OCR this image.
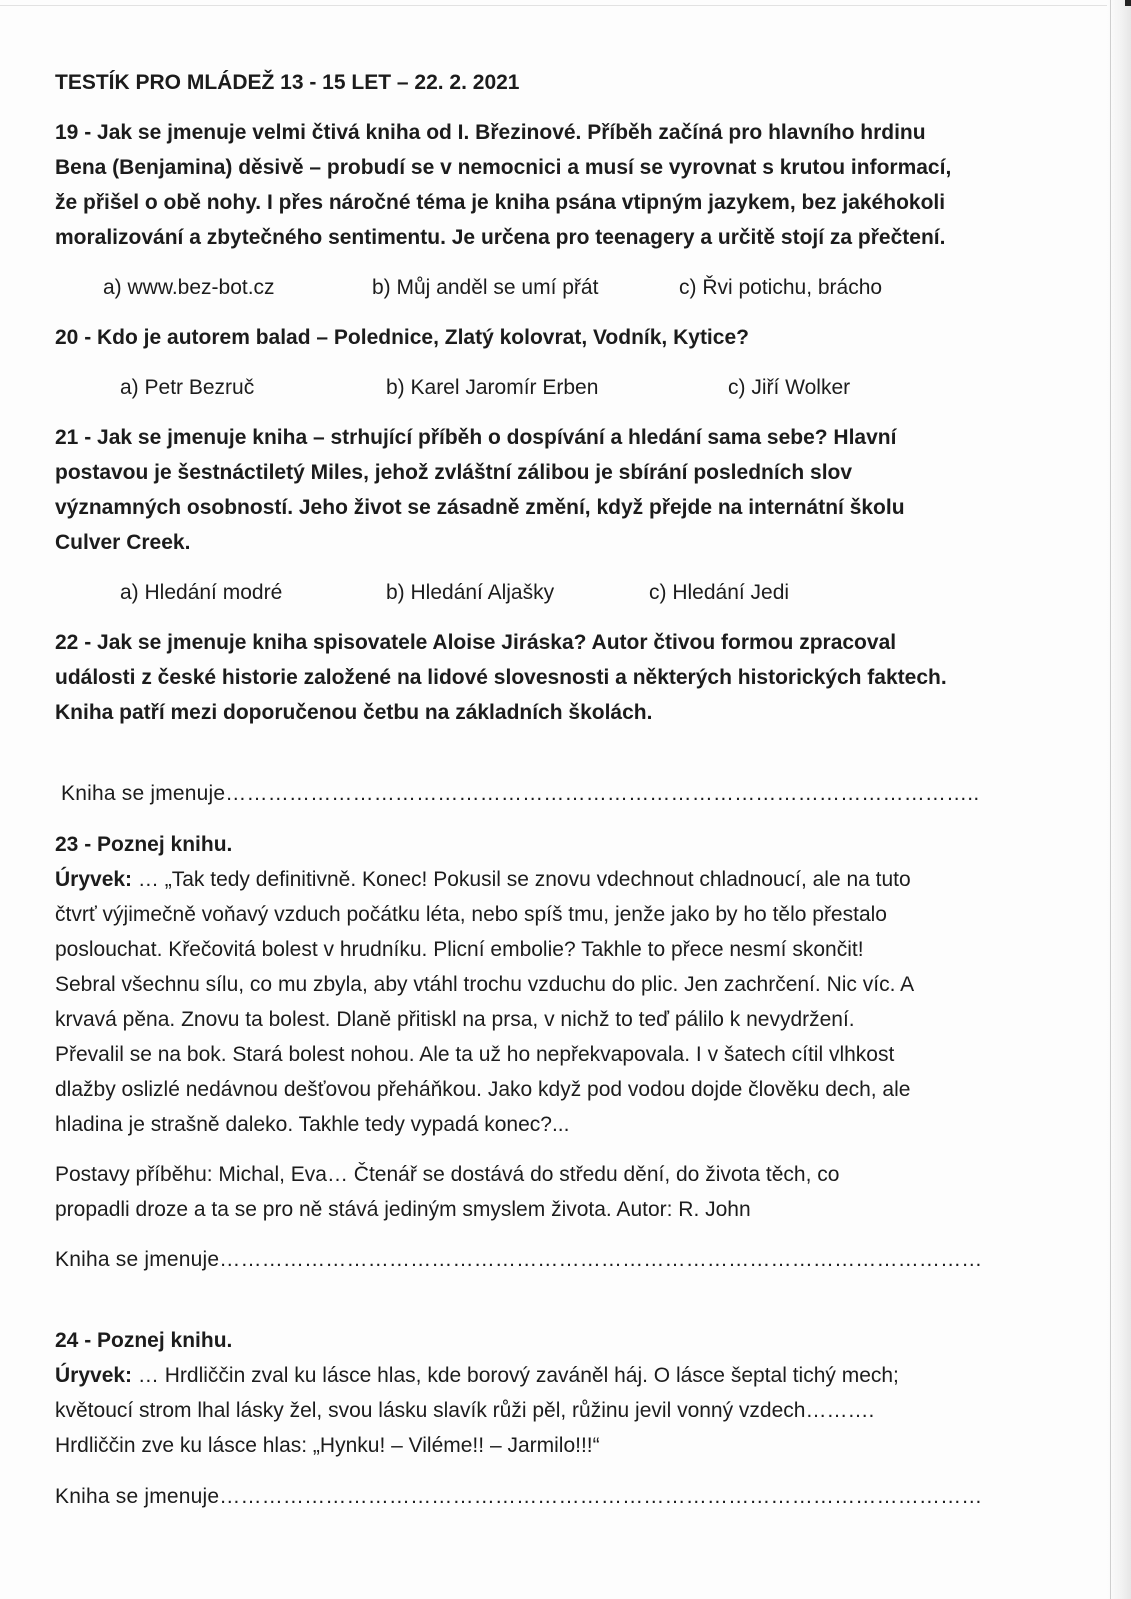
TESTÍK PRO MLÁDEŽ 13 - 15 LET – 22. 2. 2021
19 - Jak se jmenuje velmi čtivá kniha od I. Březinové. Příběh začíná pro hlavního hrdinu
Bena (Benjamina) děsivě – probudí se v nemocnici a musí se vyrovnat s krutou informací,
že přišel o obě nohy. I přes náročné téma je kniha psána vtipným jazykem, bez jakéhokoli
moralizování a zbytečného sentimentu. Je určena pro teenagery a určitě stojí za přečtení.
a) www.bez-bot.cz	b) Můj anděl se umí přát	c) Řvi potichu, brácho
20 - Kdo je autorem balad – Polednice, Zlatý kolovrat, Vodník, Kytice?
a) Petr Bezruč	b) Karel Jaromír Erben	c) Jiří Wolker
21 - Jak se jmenuje kniha – strhující příběh o dospívání a hledání sama sebe? Hlavní
postavou je šestnáctiletý Miles, jehož zvláštní zálibou je sbírání posledních slov
významných osobností. Jeho život se zásadně změní, když přejde na internátní školu
Culver Creek.
a) Hledání modré	b) Hledání Aljašky	c) Hledání Jedi
22 - Jak se jmenuje kniha spisovatele Aloise Jiráska? Autor čtivou formou zpracoval
události z české historie založené na lidové slovesnosti a některých historických faktech.
Kniha patří mezi doporučenou četbu na základních školách.
Kniha se jmenuje……………………………………………………………………………………………..
23 - Poznej knihu.
Úryvek: … „Tak tedy definitivně. Konec! Pokusil se znovu vdechnout chladnoucí, ale na tuto
čtvrť výjimečně voňavý vzduch počátku léta, nebo spíš tmu, jenže jako by ho tělo přestalo
poslouchat. Křečovitá bolest v hrudníku. Plicní embolie? Takhle to přece nesmí skončit!
Sebral všechnu sílu, co mu zbyla, aby vtáhl trochu vzduchu do plic. Jen zachrčení. Nic víc. A
krvavá pěna. Znovu ta bolest. Dlaně přitiskl na prsa, v nichž to teď pálilo k nevydržení.
Převalil se na bok. Stará bolest nohou. Ale ta už ho nepřekvapovala. I v šatech cítil vlhkost
dlažby oslizlé nedávnou dešťovou přeháňkou. Jako když pod vodou dojde člověku dech, ale
hladina je strašně daleko. Takhle tedy vypadá konec?...
Postavy příběhu: Michal, Eva… Čtenář se dostává do středu dění, do života těch, co
propadli droze a ta se pro ně stává jediným smyslem života. Autor: R. John
Kniha se jmenuje………………………………………………………………………………………………
24 - Poznej knihu.
Úryvek: … Hrdliččin zval ku lásce hlas, kde borový zaváněl háj. O lásce šeptal tichý mech;
květoucí strom lhal lásky žel, svou lásku slavík růži pěl, růžinu jevil vonný vzdech……….
Hrdliččin zve ku lásce hlas: „Hynku! – Viléme!! – Jarmilo!!!“
Kniha se jmenuje………………………………………………………………………………………………
